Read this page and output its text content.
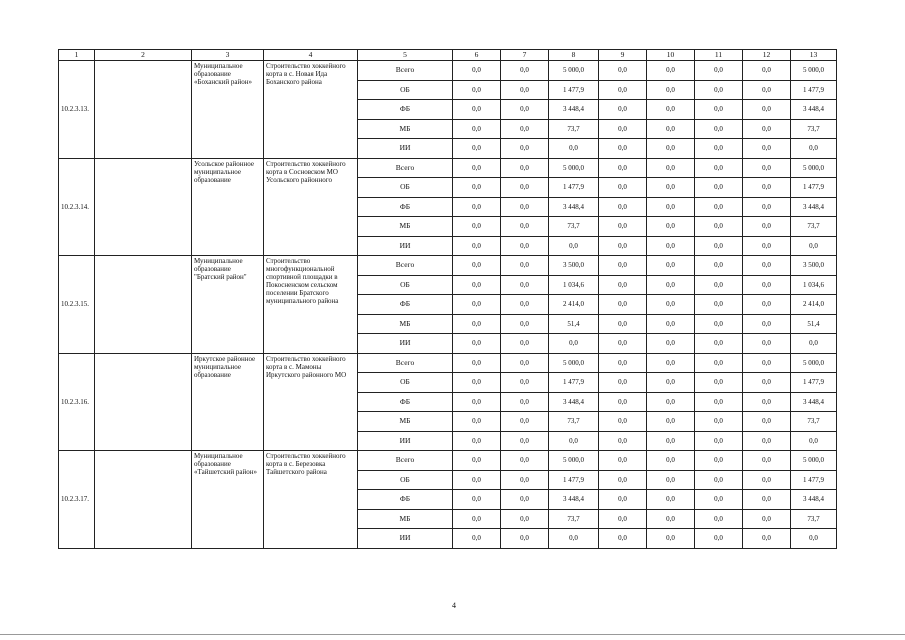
1	2	3	4	5	6	7	8	9	10	11	12	13
10.2.3.13.		Муниципальное образование «Боханский район»	Строительство хоккейного корта в с. Новая Ида Боханского района	Всего	0,0	0,0	5 000,0	0,0	0,0	0,0	0,0	5 000,0
				ОБ	0,0	0,0	1 477,9	0,0	0,0	0,0	0,0	1 477,9
				ФБ	0,0	0,0	3 448,4	0,0	0,0	0,0	0,0	3 448,4
				МБ	0,0	0,0	73,7	0,0	0,0	0,0	0,0	73,7
				ИИ	0,0	0,0	0,0	0,0	0,0	0,0	0,0	0,0
10.2.3.14.		Усольское районное муниципальное образование	Строительство хоккейного корта в Сосновском МО Усольского районного	Всего	0,0	0,0	5 000,0	0,0	0,0	0,0	0,0	5 000,0
				ОБ	0,0	0,0	1 477,9	0,0	0,0	0,0	0,0	1 477,9
				ФБ	0,0	0,0	3 448,4	0,0	0,0	0,0	0,0	3 448,4
				МБ	0,0	0,0	73,7	0,0	0,0	0,0	0,0	73,7
				ИИ	0,0	0,0	0,0	0,0	0,0	0,0	0,0	0,0
10.2.3.15.		Муниципальное образование "Братский район"	Строительство многофункциональной спортивной площадки в Покосненском сельском поселении Братского муниципального района	Всего	0,0	0,0	3 500,0	0,0	0,0	0,0	0,0	3 500,0
				ОБ	0,0	0,0	1 034,6	0,0	0,0	0,0	0,0	1 034,6
				ФБ	0,0	0,0	2 414,0	0,0	0,0	0,0	0,0	2 414,0
				МБ	0,0	0,0	51,4	0,0	0,0	0,0	0,0	51,4
				ИИ	0,0	0,0	0,0	0,0	0,0	0,0	0,0	0,0
10.2.3.16.		Иркутское районное муниципальное образование	Строительство хоккейного корта в с. Мамоны Иркутского районного МО	Всего	0,0	0,0	5 000,0	0,0	0,0	0,0	0,0	5 000,0
				ОБ	0,0	0,0	1 477,9	0,0	0,0	0,0	0,0	1 477,9
				ФБ	0,0	0,0	3 448,4	0,0	0,0	0,0	0,0	3 448,4
				МБ	0,0	0,0	73,7	0,0	0,0	0,0	0,0	73,7
				ИИ	0,0	0,0	0,0	0,0	0,0	0,0	0,0	0,0
10.2.3.17.		Муниципальное образование «Тайшетский район»	Строительство хоккейного корта в с. Березовка Тайшетского района	Всего	0,0	0,0	5 000,0	0,0	0,0	0,0	0,0	5 000,0
				ОБ	0,0	0,0	1 477,9	0,0	0,0	0,0	0,0	1 477,9
				ФБ	0,0	0,0	3 448,4	0,0	0,0	0,0	0,0	3 448,4
				МБ	0,0	0,0	73,7	0,0	0,0	0,0	0,0	73,7
				ИИ	0,0	0,0	0,0	0,0	0,0	0,0	0,0	0,0
4
